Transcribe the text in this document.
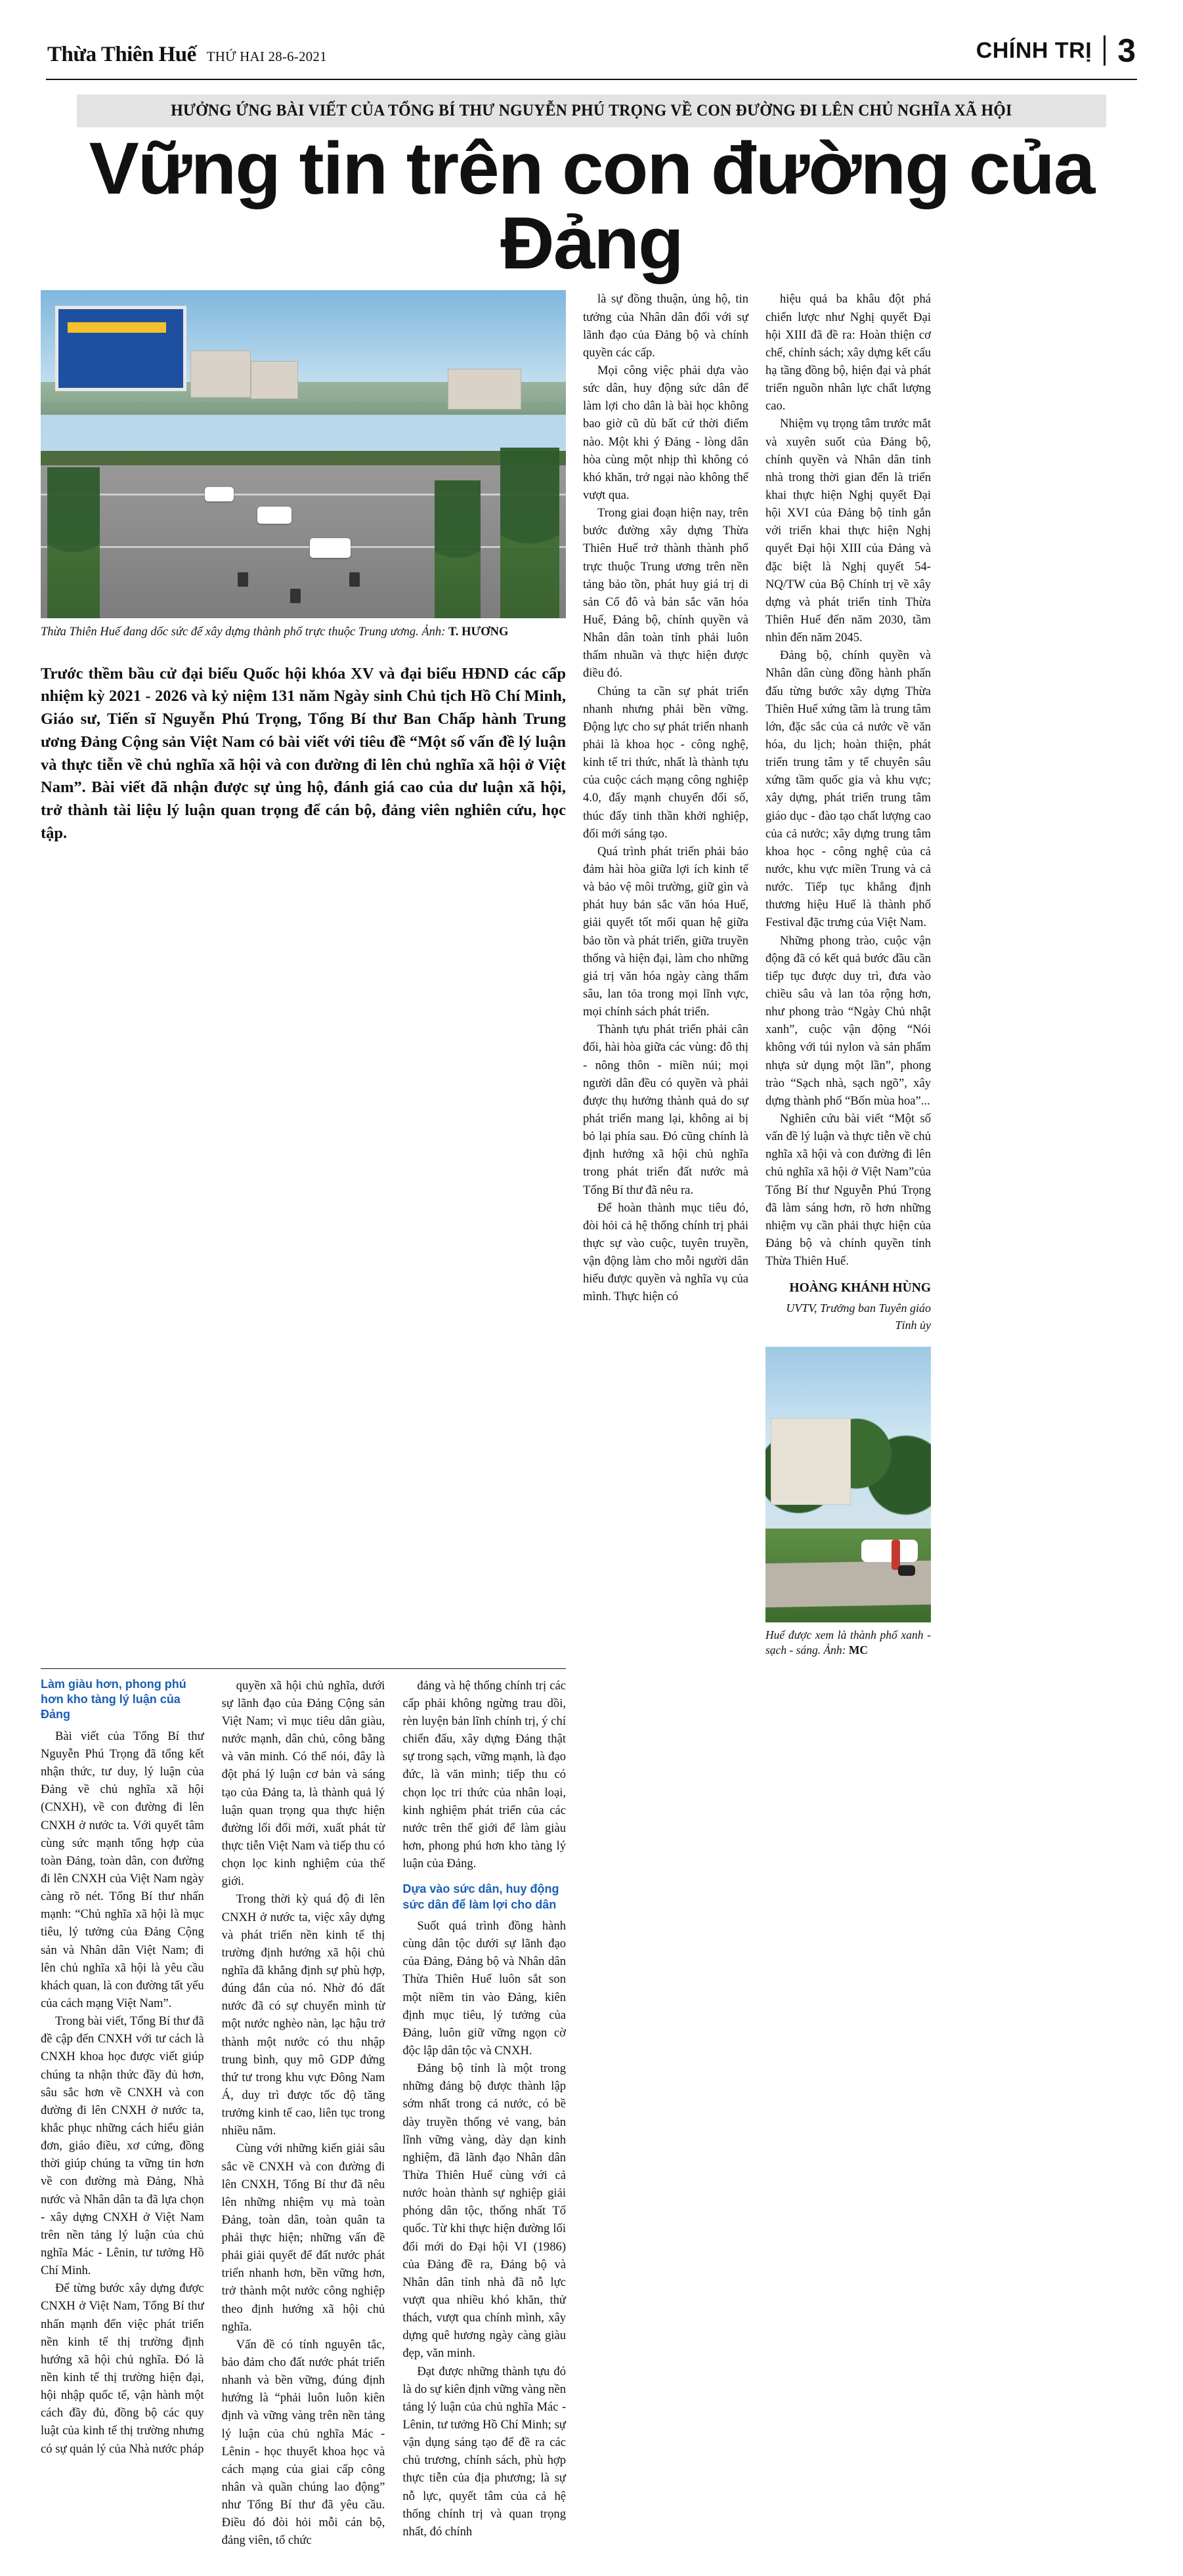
Thừa Thiên Huế THỨ HAI 28-6-2021	CHÍNH TRỊ 3
HƯỞNG ỨNG BÀI VIẾT CỦA TỔNG BÍ THƯ NGUYỄN PHÚ TRỌNG VỀ CON ĐƯỜNG ĐI LÊN CHỦ NGHĨA XÃ HỘI
Vững tin trên con đường của Đảng
Thừa Thiên Huế đang dốc sức để xây dựng thành phố trực thuộc Trung ương. Ảnh: T. HƯƠNG
Trước thềm bầu cử đại biểu Quốc hội khóa XV và đại biểu HĐND các cấp nhiệm kỳ 2021 - 2026 và kỷ niệm 131 năm Ngày sinh Chủ tịch Hồ Chí Minh, Giáo sư, Tiến sĩ Nguyễn Phú Trọng, Tổng Bí thư Ban Chấp hành Trung ương Đảng Cộng sản Việt Nam có bài viết với tiêu đề “Một số vấn đề lý luận và thực tiễn về chủ nghĩa xã hội và con đường đi lên chủ nghĩa xã hội ở Việt Nam”. Bài viết đã nhận được sự ủng hộ, đánh giá cao của dư luận xã hội, trở thành tài liệu lý luận quan trọng để cán bộ, đảng viên nghiên cứu, học tập.

là sự đồng thuận, ủng hộ, tin tưởng của Nhân dân đối với sự lãnh đạo của Đảng bộ và chính quyền các cấp.

Mọi công việc phải dựa vào sức dân, huy động sức dân để làm lợi cho dân là bài học không bao giờ cũ dù bất cứ thời điểm nào. Một khi ý Đảng - lòng dân hòa cùng một nhịp thì không có khó khăn, trở ngại nào không thể vượt qua.

Trong giai đoạn hiện nay, trên bước đường xây dựng Thừa Thiên Huế trở thành thành phố trực thuộc Trung ương trên nền tảng bảo tồn, phát huy giá trị di sản Cố đô và bản sắc văn hóa Huế, Đảng bộ, chính quyền và Nhân dân toàn tỉnh phải luôn thấm nhuần và thực hiện được điều đó.

Chúng ta cần sự phát triển nhanh nhưng phải bền vững. Động lực cho sự phát triển nhanh phải là khoa học - công nghệ, kinh tế tri thức, nhất là thành tựu của cuộc cách mạng công nghiệp 4.0, đẩy mạnh chuyển đổi số, thúc đẩy tinh thần khởi nghiệp, đổi mới sáng tạo.

Quá trình phát triển phải bảo đảm hài hòa giữa lợi ích kinh tế và bảo vệ môi trường, giữ gìn và phát huy bản sắc văn hóa Huế, giải quyết tốt mối quan hệ giữa bảo tồn và phát triển, giữa truyền thống và hiện đại, làm cho những giá trị văn hóa ngày càng thẩm sâu, lan tỏa trong mọi lĩnh vực, mọi chính sách phát triển.

Thành tựu phát triển phải cân đối, hài hòa giữa các vùng: đô thị - nông thôn - miền núi; mọi người dân đều có quyền và phải được thụ hưởng thành quả do sự phát triển mang lại, không ai bị bỏ lại phía sau. Đó cũng chính là định hướng xã hội chủ nghĩa trong phát triển đất nước mà Tổng Bí thư đã nêu ra.

Để hoàn thành mục tiêu đó, đòi hỏi cả hệ thống chính trị phải thực sự vào cuộc, tuyên truyền, vận động làm cho mỗi người dân hiểu được quyền và nghĩa vụ của mình. Thực hiện có

hiệu quả ba khâu đột phá chiến lược như Nghị quyết Đại hội XIII đã đề ra: Hoàn thiện cơ chế, chính sách; xây dựng kết cấu hạ tầng đồng bộ, hiện đại và phát triển nguồn nhân lực chất lượng cao.

Nhiệm vụ trọng tâm trước mắt và xuyên suốt của Đảng bộ, chính quyền và Nhân dân tỉnh nhà trong thời gian đến là triển khai thực hiện Nghị quyết Đại hội XVI của Đảng bộ tỉnh gắn với triển khai thực hiện Nghị quyết Đại hội XIII của Đảng và đặc biệt là Nghị quyết 54-NQ/TW của Bộ Chính trị về xây dựng và phát triển tỉnh Thừa Thiên Huế đến năm 2030, tầm nhìn đến năm 2045.

Đảng bộ, chính quyền và Nhân dân cùng đồng hành phấn đấu từng bước xây dựng Thừa Thiên Huế xứng tầm là trung tâm lớn, đặc sắc của cả nước về văn hóa, du lịch; hoàn thiện, phát triển trung tâm y tế chuyên sâu xứng tầm quốc gia và khu vực; xây dựng, phát triển trung tâm giáo dục - đào tạo chất lượng cao của cả nước; xây dựng trung tâm khoa học - công nghệ của cả nước, khu vực miền Trung và cả nước. Tiếp tục khẳng định thương hiệu Huế là thành phố Festival đặc trưng của Việt Nam.

Những phong trào, cuộc vận động đã có kết quả bước đầu cần tiếp tục được duy trì, đưa vào chiều sâu và lan tỏa rộng hơn, như phong trào “Ngày Chủ nhật xanh”, cuộc vận động “Nói không với túi nylon và sản phẩm nhựa sử dụng một lần”, phong trào “Sạch nhà, sạch ngõ”, xây dựng thành phố “Bốn mùa hoa”...

Nghiên cứu bài viết “Một số vấn đề lý luận và thực tiễn về chủ nghĩa xã hội và con đường đi lên chủ nghĩa xã hội ở Việt Nam”của Tổng Bí thư Nguyễn Phú Trọng đã làm sáng hơn, rõ hơn những nhiệm vụ cần phải thực hiện của Đảng bộ và chính quyền tỉnh Thừa Thiên Huế.

HOÀNG KHÁNH HÙNG
UVTV, Trưởng ban Tuyên giáo Tỉnh ủy
Huế được xem là thành phố xanh - sạch - sáng. Ảnh: MC
Làm giàu hơn, phong phú hơn kho tàng lý luận của Đảng

Bài viết của Tổng Bí thư Nguyễn Phú Trọng đã tổng kết nhận thức, tư duy, lý luận của Đảng về chủ nghĩa xã hội (CNXH), về con đường đi lên CNXH ở nước ta. Với quyết tâm cùng sức mạnh tổng hợp của toàn Đảng, toàn dân, con đường đi lên CNXH của Việt Nam ngày càng rõ nét. Tổng Bí thư nhấn mạnh: “Chủ nghĩa xã hội là mục tiêu, lý tưởng của Đảng Cộng sản và Nhân dân Việt Nam; đi lên chủ nghĩa xã hội là yêu cầu khách quan, là con đường tất yếu của cách mạng Việt Nam”.

Trong bài viết, Tổng Bí thư đã đề cập đến CNXH với tư cách là CNXH khoa học được viết giúp chúng ta nhận thức đầy đủ hơn, sâu sắc hơn về CNXH và con đường đi lên CNXH ở nước ta, khắc phục những cách hiểu giản đơn, giáo điều, xơ cứng, đồng thời giúp chúng ta vững tin hơn về con đường mà Đảng, Nhà nước và Nhân dân ta đã lựa chọn - xây dựng CNXH ở Việt Nam trên nền tảng lý luận của chủ nghĩa Mác - Lênin, tư tưởng Hồ Chí Minh.

Để từng bước xây dựng được CNXH ở Việt Nam, Tổng Bí thư nhấn mạnh đến việc phát triển nền kinh tế thị trường định hướng xã hội chủ nghĩa. Đó là nền kinh tế thị trường hiện đại, hội nhập quốc tế, vận hành một cách đầy đủ, đồng bộ các quy luật của kinh tế thị trường nhưng có sự quản lý của Nhà nước pháp

quyền xã hội chủ nghĩa, dưới sự lãnh đạo của Đảng Cộng sản Việt Nam; vì mục tiêu dân giàu, nước mạnh, dân chủ, công bằng và văn minh. Có thể nói, đây là đột phá lý luận cơ bản và sáng tạo của Đảng ta, là thành quả lý luận quan trọng qua thực hiện đường lối đổi mới, xuất phát từ thực tiễn Việt Nam và tiếp thu có chọn lọc kinh nghiệm của thế giới.

Trong thời kỳ quá độ đi lên CNXH ở nước ta, việc xây dựng và phát triển nền kinh tế thị trường định hướng xã hội chủ nghĩa đã khẳng định sự phù hợp, đúng đắn của nó. Nhờ đó đất nước đã có sự chuyển mình từ một nước nghèo nàn, lạc hậu trở thành một nước có thu nhập trung bình, quy mô GDP đứng thứ tư trong khu vực Đông Nam Á, duy trì được tốc độ tăng trưởng kinh tế cao, liên tục trong nhiều năm.

Cùng với những kiến giải sâu sắc về CNXH và con đường đi lên CNXH, Tổng Bí thư đã nêu lên những nhiệm vụ mà toàn Đảng, toàn dân, toàn quân ta phải thực hiện; những vấn đề phải giải quyết để đất nước phát triển nhanh hơn, bền vững hơn, trở thành một nước công nghiệp theo định hướng xã hội chủ nghĩa.

Vấn đề có tính nguyên tắc, bảo đảm cho đất nước phát triển nhanh và bền vững, đúng định hướng là “phải luôn luôn kiên định và vững vàng trên nền tảng lý luận của chủ nghĩa Mác - Lênin - học thuyết khoa học và cách mạng của giai cấp công nhân và quần chúng lao động” như Tổng Bí thư đã yêu cầu. Điều đó đòi hỏi mỗi cán bộ, đảng viên, tổ chức

đảng và hệ thống chính trị các cấp phải không ngừng trau dồi, rèn luyện bản lĩnh chính trị, ý chí chiến đấu, xây dựng Đảng thật sự trong sạch, vững mạnh, là đạo đức, là văn minh; tiếp thu có chọn lọc tri thức của nhân loại, kinh nghiệm phát triển của các nước trên thế giới để làm giàu hơn, phong phú hơn kho tàng lý luận của Đảng.

Dựa vào sức dân, huy động sức dân để làm lợi cho dân

Suốt quá trình đồng hành cùng dân tộc dưới sự lãnh đạo của Đảng, Đảng bộ và Nhân dân Thừa Thiên Huế luôn sắt son một niềm tin vào Đảng, kiên định mục tiêu, lý tưởng của Đảng, luôn giữ vững ngọn cờ độc lập dân tộc và CNXH.

Đảng bộ tỉnh là một trong những đảng bộ được thành lập sớm nhất trong cả nước, có bề dày truyền thống vẻ vang, bản lĩnh vững vàng, dày dạn kinh nghiệm, đã lãnh đạo Nhân dân Thừa Thiên Huế cùng với cả nước hoàn thành sự nghiệp giải phóng dân tộc, thống nhất Tổ quốc. Từ khi thực hiện đường lối đổi mới do Đại hội VI (1986) của Đảng đề ra, Đảng bộ và Nhân dân tỉnh nhà đã nỗ lực vượt qua nhiều khó khăn, thử thách, vượt qua chính mình, xây dựng quê hương ngày càng giàu đẹp, văn minh.

Đạt được những thành tựu đó là do sự kiên định vững vàng nền tảng lý luận của chủ nghĩa Mác - Lênin, tư tưởng Hồ Chí Minh; sự vận dụng sáng tạo để đề ra các chủ trương, chính sách, phù hợp thực tiễn của địa phương; là sự nỗ lực, quyết tâm của cả hệ thống chính trị và quan trọng nhất, đó chính
